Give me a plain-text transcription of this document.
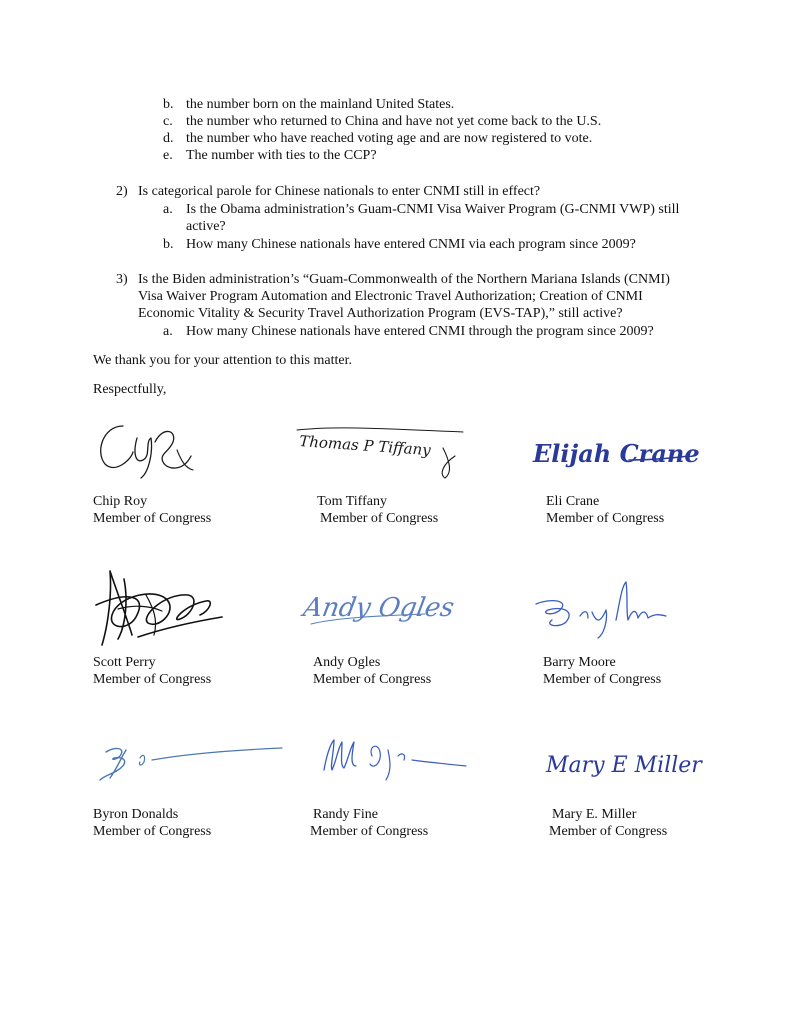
b. the number born on the mainland United States.
c. the number who returned to China and have not yet come back to the U.S.
d. the number who have reached voting age and are now registered to vote.
e. The number with ties to the CCP?
2) Is categorical parole for Chinese nationals to enter CNMI still in effect?
a. Is the Obama administration’s Guam-CNMI Visa Waiver Program (G-CNMI VWP) still
active?
b. How many Chinese nationals have entered CNMI via each program since 2009?
3) Is the Biden administration’s “Guam-Commonwealth of the Northern Mariana Islands (CNMI)
Visa Waiver Program Automation and Electronic Travel Authorization; Creation of CNMI
Economic Vitality & Security Travel Authorization Program (EVS-TAP),” still active?
a. How many Chinese nationals have entered CNMI through the program since 2009?
We thank you for your attention to this matter.
Respectfully,
Thomas P Tiffany	Elijah Crane
Chip Roy
Member of Congress
Tom Tiffany
Member of Congress
Eli Crane
Member of Congress
Andy Ogles
Scott Perry
Member of Congress
Andy Ogles
Member of Congress
Barry Moore
Member of Congress
Mary E Miller
Byron Donalds
Member of Congress
Randy Fine
Member of Congress
Mary E. Miller
Member of Congress
